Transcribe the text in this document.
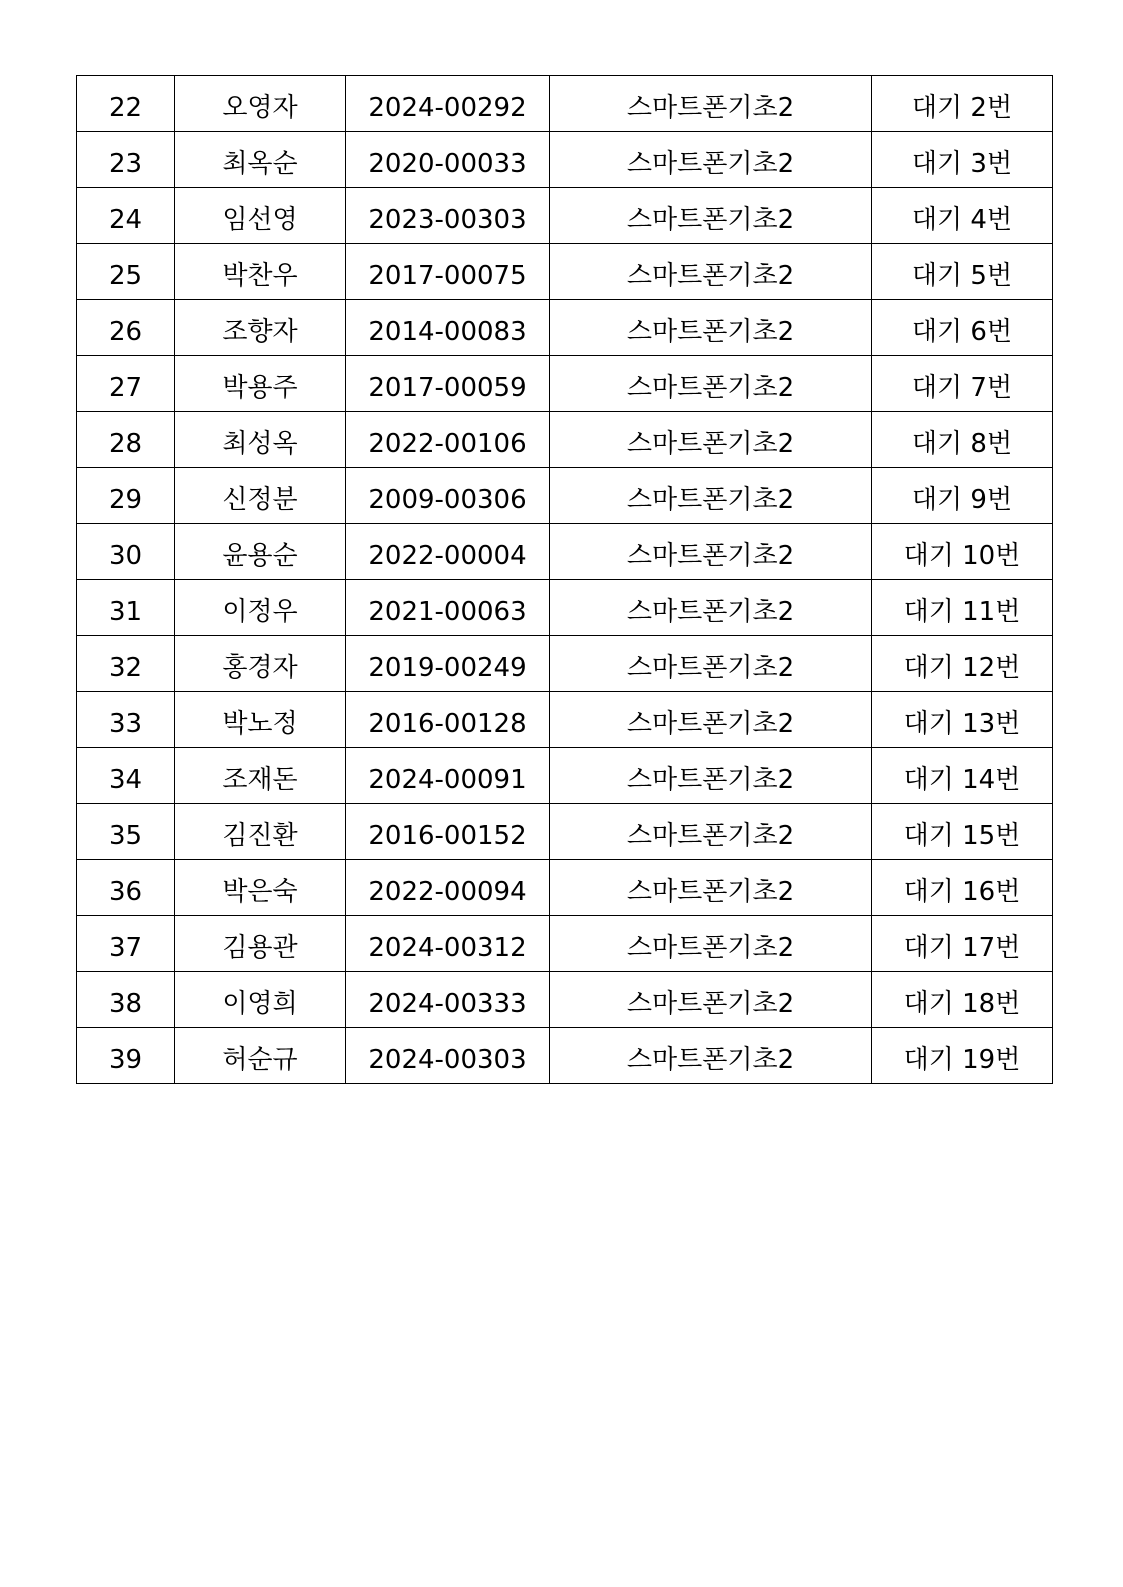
22	오영자	2024-00292	스마트폰기초2	대기 2번
23	최옥순	2020-00033	스마트폰기초2	대기 3번
24	임선영	2023-00303	스마트폰기초2	대기 4번
25	박찬우	2017-00075	스마트폰기초2	대기 5번
26	조향자	2014-00083	스마트폰기초2	대기 6번
27	박용주	2017-00059	스마트폰기초2	대기 7번
28	최성옥	2022-00106	스마트폰기초2	대기 8번
29	신정분	2009-00306	스마트폰기초2	대기 9번
30	윤용순	2022-00004	스마트폰기초2	대기 10번
31	이정우	2021-00063	스마트폰기초2	대기 11번
32	홍경자	2019-00249	스마트폰기초2	대기 12번
33	박노정	2016-00128	스마트폰기초2	대기 13번
34	조재돈	2024-00091	스마트폰기초2	대기 14번
35	김진환	2016-00152	스마트폰기초2	대기 15번
36	박은숙	2022-00094	스마트폰기초2	대기 16번
37	김용관	2024-00312	스마트폰기초2	대기 17번
38	이영희	2024-00333	스마트폰기초2	대기 18번
39	허순규	2024-00303	스마트폰기초2	대기 19번
